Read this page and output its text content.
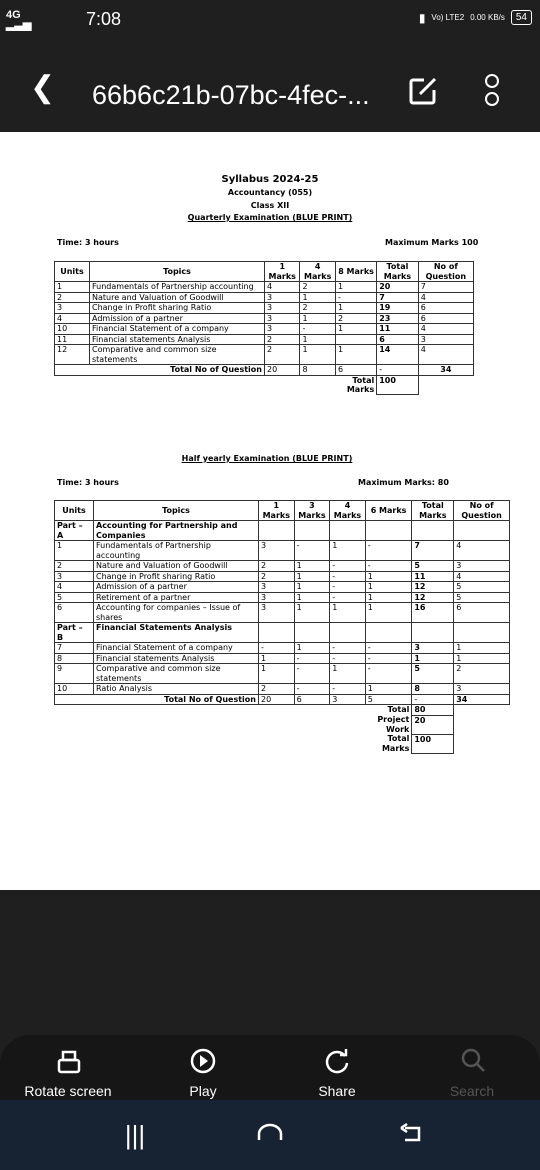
4G
▂▃▅	7:08	▮ Vo) LTE2 0.00 KB/s	54
❮ 66b6c21b-07bc-4fec-...
Syllabus 2024-25
Accountancy (055)
Class XII
Quarterly Examination (BLUE PRINT)
Time: 3 hours	Maximum Marks 100
Units	Topics	1 Marks	4 Marks	8 Marks	Total Marks	No of Question
1	Fundamentals of Partnership accounting	4	2	1	20	7
2	Nature and Valuation of Goodwill	3	1	-	7	4
3	Change in Profit sharing Ratio	3	2	1	19	6
4	Admission of a partner	3	1	2	23	6
10	Financial Statement of a company	3	-	1	11	4
11	Financial statements Analysis	2	1		6	3
12	Comparative and common size statements	2	1	1	14	4
Total No of Question		20	8	6	-	34
				Total Marks	100	
Half yearly Examination (BLUE PRINT)
Time: 3 hours	Maximum Marks: 80
Units	Topics	1 Marks	3 Marks	4 Marks	6 Marks	Total Marks	No of Question
Part – A	Accounting for Partnership and Companies						
1	Fundamentals of Partnership accounting	3	-	1	-	7	4
2	Nature and Valuation of Goodwill	2	1	-	-	5	3
3	Change in Profit sharing Ratio	2	1	-	1	11	4
4	Admission of a partner	3	1	-	1	12	5
5	Retirement of a partner	3	1	-	1	12	5
6	Accounting for companies – Issue of shares	3	1	1	1	16	6
Part – B	Financial Statements Analysis						
7	Financial Statement of a company	-	1	-	-	3	1
8	Financial statements Analysis	1	-	-	-	1	1
9	Comparative and common size statements	1	-	1	-	5	2
10	Ratio Analysis	2	-	-	1	8	3
Total No of Question		20	6	3	5	-	34
					Total	80	
					Project Work	20	
					Total Marks	100	
Rotate screen	Play	Share	Search
|||
